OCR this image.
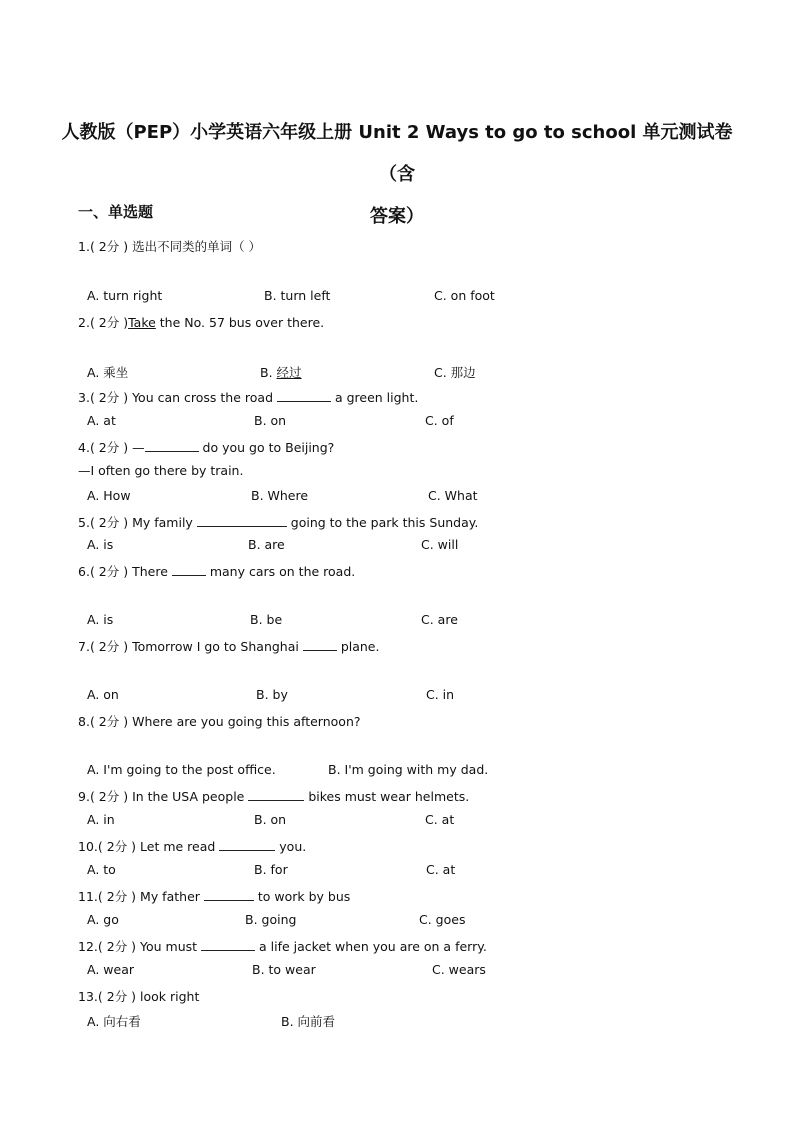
人教版（PEP）小学英语六年级上册 Unit 2 Ways to go to school 单元测试卷（含
答案）
一、单选题
1.( 2分 ) 选出不同类的单词（ ）
A. turn right	B. turn left	C. on foot
2.( 2分 )Take the No. 57 bus over there.
A. 乘坐	B. 经过	C. 那边
3.( 2分 ) You can cross the road	a green light.
A. at	B. on	C. of
4.( 2分 ) —	do you go to Beijing?
—I often go there by train.
A. How	B. Where	C. What
5.( 2分 ) My family	going to the park this Sunday.
A. is	B. are	C. will
6.( 2分 ) There	many cars on the road.
A. is	B. be	C. are
7.( 2分 ) Tomorrow I go to Shanghai	plane.
A. on	B. by	C. in
8.( 2分 ) Where are you going this afternoon?
A. I'm going to the post office.	B. I'm going with my dad.
9.( 2分 ) In the USA people	bikes must wear helmets.
A. in	B. on	C. at
10.( 2分 ) Let me read	you.
A. to	B. for	C. at
11.( 2分 ) My father	to work by bus
A. go	B. going	C. goes
12.( 2分 ) You must	a life jacket when you are on a ferry.
A. wear	B. to wear	C. wears
13.( 2分 ) look right
A. 向右看	B. 向前看
